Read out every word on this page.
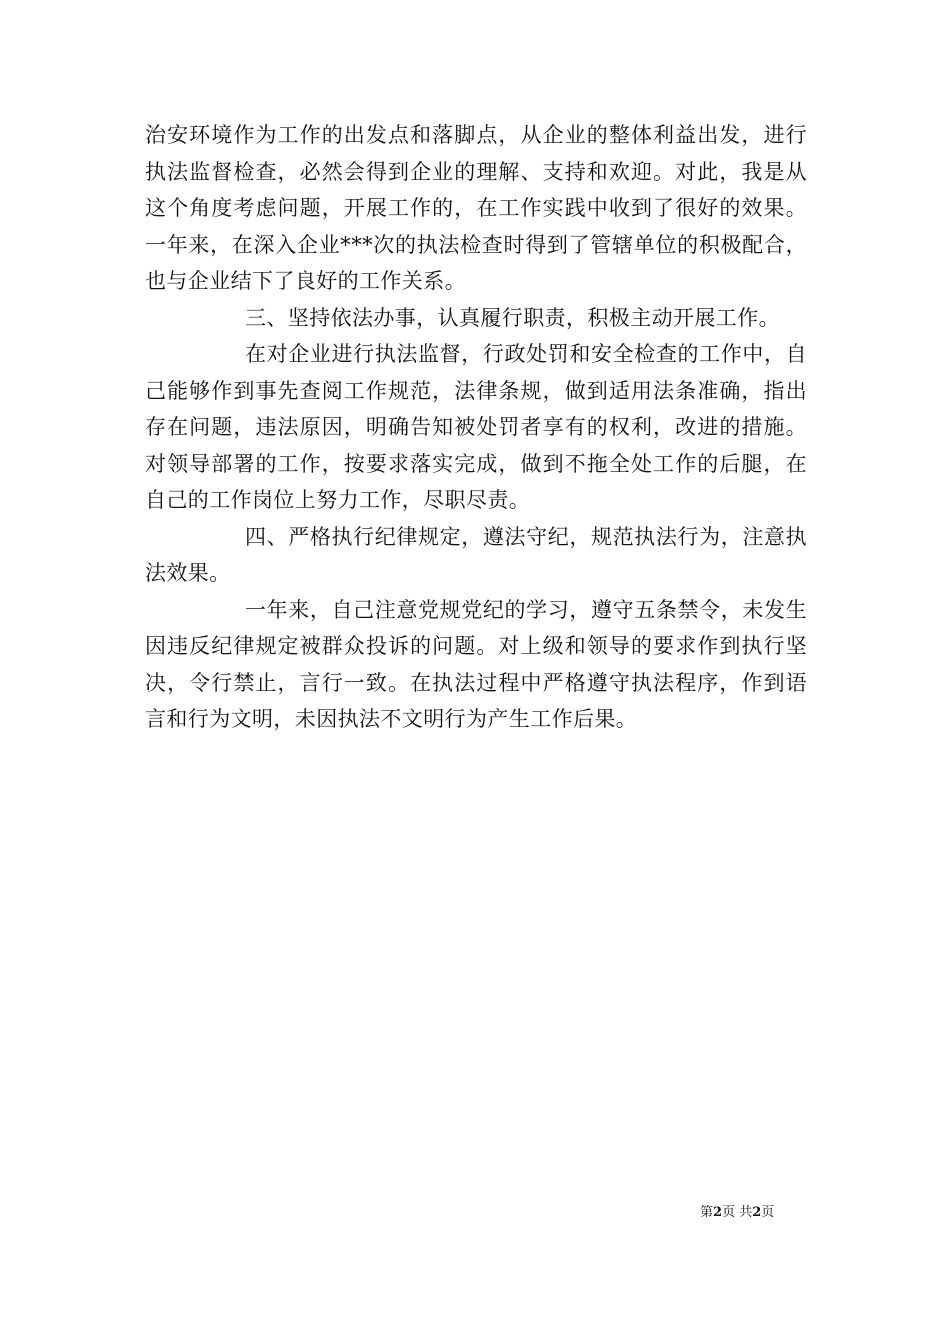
治安环境作为工作的出发点和落脚点，从企业的整体利益出发，进行执法监督检查，必然会得到企业的理解、支持和欢迎。对此，我是从这个角度考虑问题，开展工作的，在工作实践中收到了很好的效果。一年来，在深入企业***次的执法检查时得到了管辖单位的积极配合，也与企业结下了良好的工作关系。

三、坚持依法办事，认真履行职责，积极主动开展工作。

在对企业进行执法监督，行政处罚和安全检查的工作中，自己能够作到事先查阅工作规范，法律条规，做到适用法条准确，指出存在问题，违法原因，明确告知被处罚者享有的权利，改进的措施。对领导部署的工作，按要求落实完成，做到不拖全处工作的后腿，在自己的工作岗位上努力工作，尽职尽责。

四、严格执行纪律规定，遵法守纪，规范执法行为，注意执法效果。

一年来，自己注意党规党纪的学习，遵守五条禁令，未发生因违反纪律规定被群众投诉的问题。对上级和领导的要求作到执行坚决，令行禁止，言行一致。在执法过程中严格遵守执法程序，作到语言和行为文明，未因执法不文明行为产生工作后果。

第2页 共2页
